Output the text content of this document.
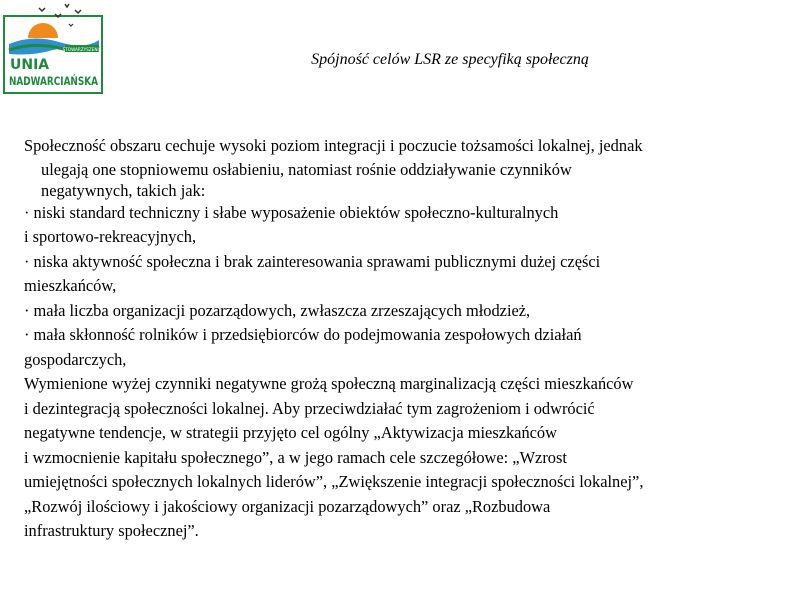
STOWARZYSZENIE
UNIA
NADWARCIAŃSKA
Spójność celów LSR ze specyfiką społeczną
Społeczność obszaru cechuje wysoki poziom integracji i poczucie tożsamości lokalnej, jednak
ulegają one stopniowemu osłabieniu, natomiast rośnie oddziaływanie czynników
negatywnych, takich jak:
· niski standard techniczny i słabe wyposażenie obiektów społeczno-kulturalnych
i sportowo-rekreacyjnych,
· niska aktywność społeczna i brak zainteresowania sprawami publicznymi dużej części
mieszkańców,
· mała liczba organizacji pozarządowych, zwłaszcza zrzeszających młodzież,
· mała skłonność rolników i przedsiębiorców do podejmowania zespołowych działań
gospodarczych,
Wymienione wyżej czynniki negatywne grożą społeczną marginalizacją części mieszkańców
i dezintegracją społeczności lokalnej. Aby przeciwdziałać tym zagrożeniom i odwrócić
negatywne tendencje, w strategii przyjęto cel ogólny „Aktywizacja mieszkańców
i wzmocnienie kapitału społecznego”, a w jego ramach cele szczegółowe: „Wzrost
umiejętności społecznych lokalnych liderów”, „Zwiększenie integracji społeczności lokalnej”,
„Rozwój ilościowy i jakościowy organizacji pozarządowych” oraz „Rozbudowa
infrastruktury społecznej”.
